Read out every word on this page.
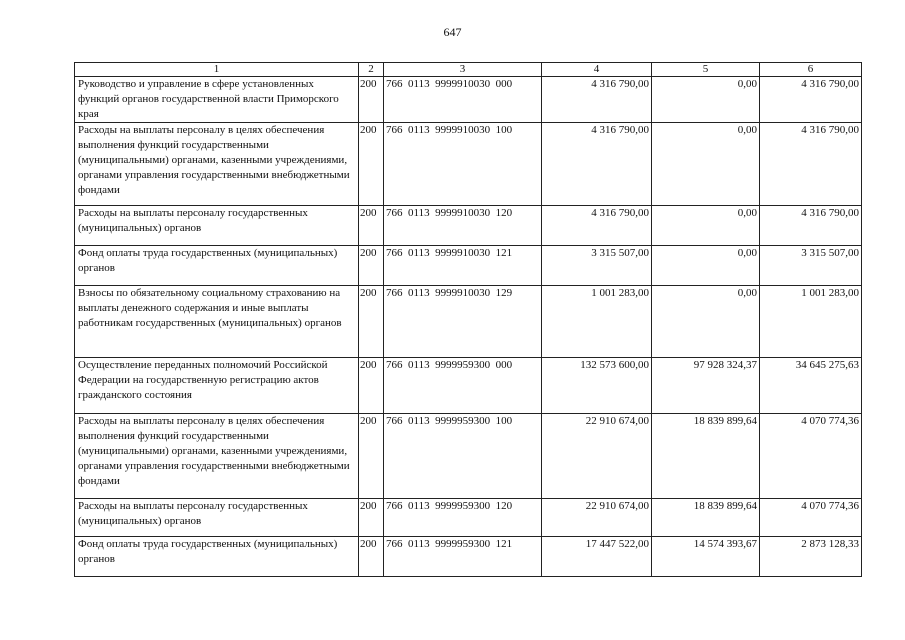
647
1	2	3	4	5	6
Руководство и управление в сфере установленных функций органов государственной власти Приморского края	200	766  0113  9999910030  000	4 316 790,00	0,00	4 316 790,00
Расходы на выплаты персоналу в целях обеспечения выполнения функций государственными (муниципальными) органами, казенными учреждениями, органами управления государственными внебюджетными фондами	200	766  0113  9999910030  100	4 316 790,00	0,00	4 316 790,00
Расходы на выплаты персоналу государственных (муниципальных) органов	200	766  0113  9999910030  120	4 316 790,00	0,00	4 316 790,00
Фонд оплаты труда государственных (муниципальных) органов	200	766  0113  9999910030  121	3 315 507,00	0,00	3 315 507,00
Взносы по обязательному социальному страхованию на выплаты денежного содержания и иные выплаты работникам государственных (муниципальных) органов	200	766  0113  9999910030  129	1 001 283,00	0,00	1 001 283,00
Осуществление переданных полномочий Российской Федерации на государственную регистрацию актов гражданского состояния	200	766  0113  9999959300  000	132 573 600,00	97 928 324,37	34 645 275,63
Расходы на выплаты персоналу в целях обеспечения выполнения функций государственными (муниципальными) органами, казенными учреждениями, органами управления государственными внебюджетными фондами	200	766  0113  9999959300  100	22 910 674,00	18 839 899,64	4 070 774,36
Расходы на выплаты персоналу государственных (муниципальных) органов	200	766  0113  9999959300  120	22 910 674,00	18 839 899,64	4 070 774,36
Фонд оплаты труда государственных (муниципальных) органов	200	766  0113  9999959300  121	17 447 522,00	14 574 393,67	2 873 128,33
